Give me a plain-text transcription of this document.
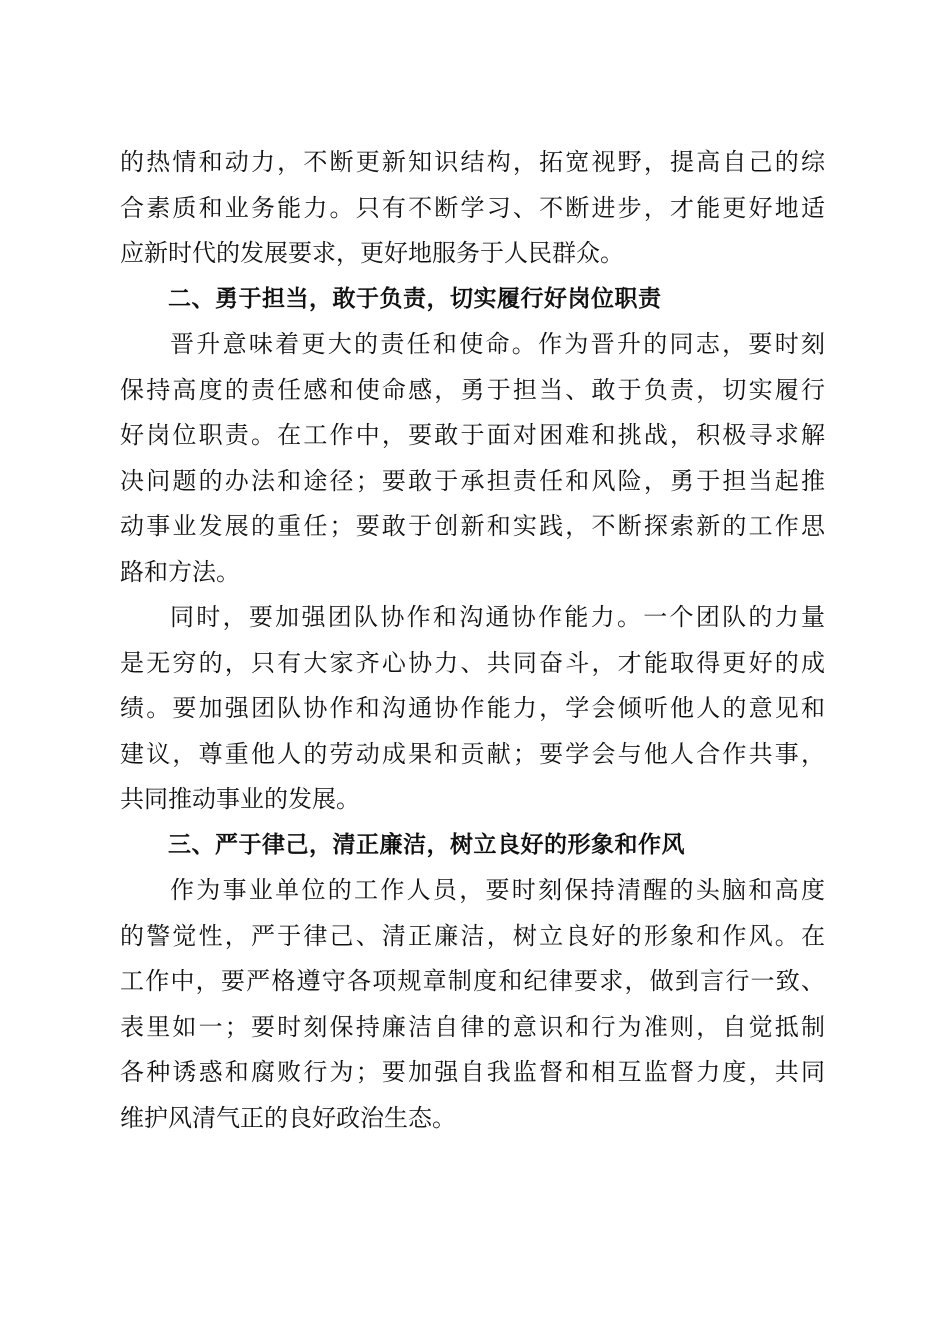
的热情和动力，不断更新知识结构，拓宽视野，提高自己的综
合素质和业务能力。只有不断学习、不断进步，才能更好地适
应新时代的发展要求，更好地服务于人民群众。
二、勇于担当，敢于负责，切实履行好岗位职责
晋升意味着更大的责任和使命。作为晋升的同志，要时刻
保持高度的责任感和使命感，勇于担当、敢于负责，切实履行
好岗位职责。在工作中，要敢于面对困难和挑战，积极寻求解
决问题的办法和途径；要敢于承担责任和风险，勇于担当起推
动事业发展的重任；要敢于创新和实践，不断探索新的工作思
路和方法。
同时，要加强团队协作和沟通协作能力。一个团队的力量
是无穷的，只有大家齐心协力、共同奋斗，才能取得更好的成
绩。要加强团队协作和沟通协作能力，学会倾听他人的意见和
建议，尊重他人的劳动成果和贡献；要学会与他人合作共事，
共同推动事业的发展。
三、严于律己，清正廉洁，树立良好的形象和作风
作为事业单位的工作人员，要时刻保持清醒的头脑和高度
的警觉性，严于律己、清正廉洁，树立良好的形象和作风。在
工作中，要严格遵守各项规章制度和纪律要求，做到言行一致、
表里如一；要时刻保持廉洁自律的意识和行为准则，自觉抵制
各种诱惑和腐败行为；要加强自我监督和相互监督力度，共同
维护风清气正的良好政治生态。
